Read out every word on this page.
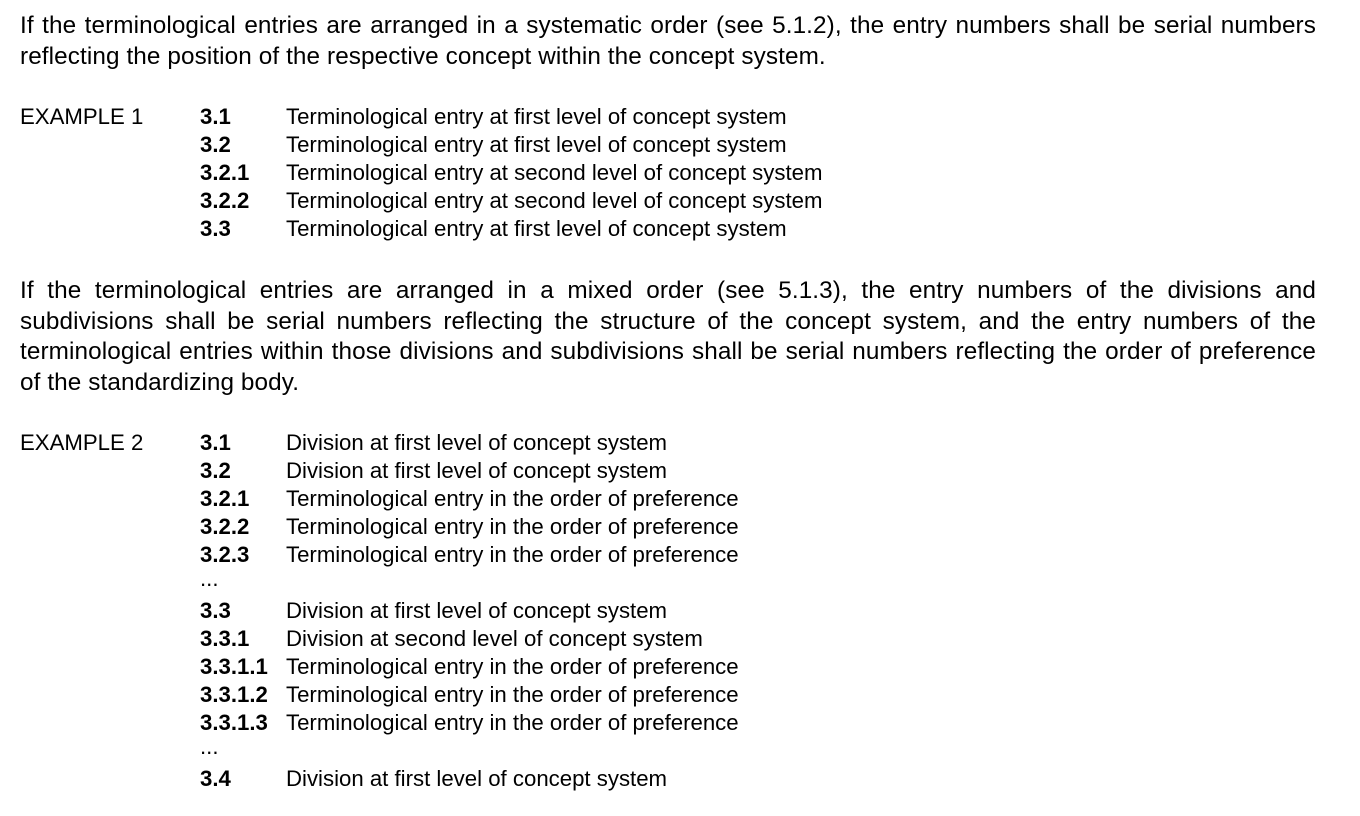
If the terminological entries are arranged in a systematic order (see 5.1.2), the entry numbers shall be serial numbers reflecting the position of the respective concept within the concept system.

EXAMPLE 1	3.1 Terminological entry at first level of concept system
3.2 Terminological entry at first level of concept system
3.2.1 Terminological entry at second level of concept system
3.2.2 Terminological entry at second level of concept system
3.3 Terminological entry at first level of concept system

If the terminological entries are arranged in a mixed order (see 5.1.3), the entry numbers of the divisions and subdivisions shall be serial numbers reflecting the structure of the concept system, and the entry numbers of the terminological entries within those divisions and subdivisions shall be serial numbers reflecting the order of preference of the standardizing body.

EXAMPLE 2	3.1 Division at first level of concept system
3.2 Division at first level of concept system
3.2.1 Terminological entry in the order of preference
3.2.2 Terminological entry in the order of preference
3.2.3 Terminological entry in the order of preference
...
3.3 Division at first level of concept system
3.3.1 Division at second level of concept system
3.3.1.1 Terminological entry in the order of preference
3.3.1.2 Terminological entry in the order of preference
3.3.1.3 Terminological entry in the order of preference
...
3.4 Division at first level of concept system
